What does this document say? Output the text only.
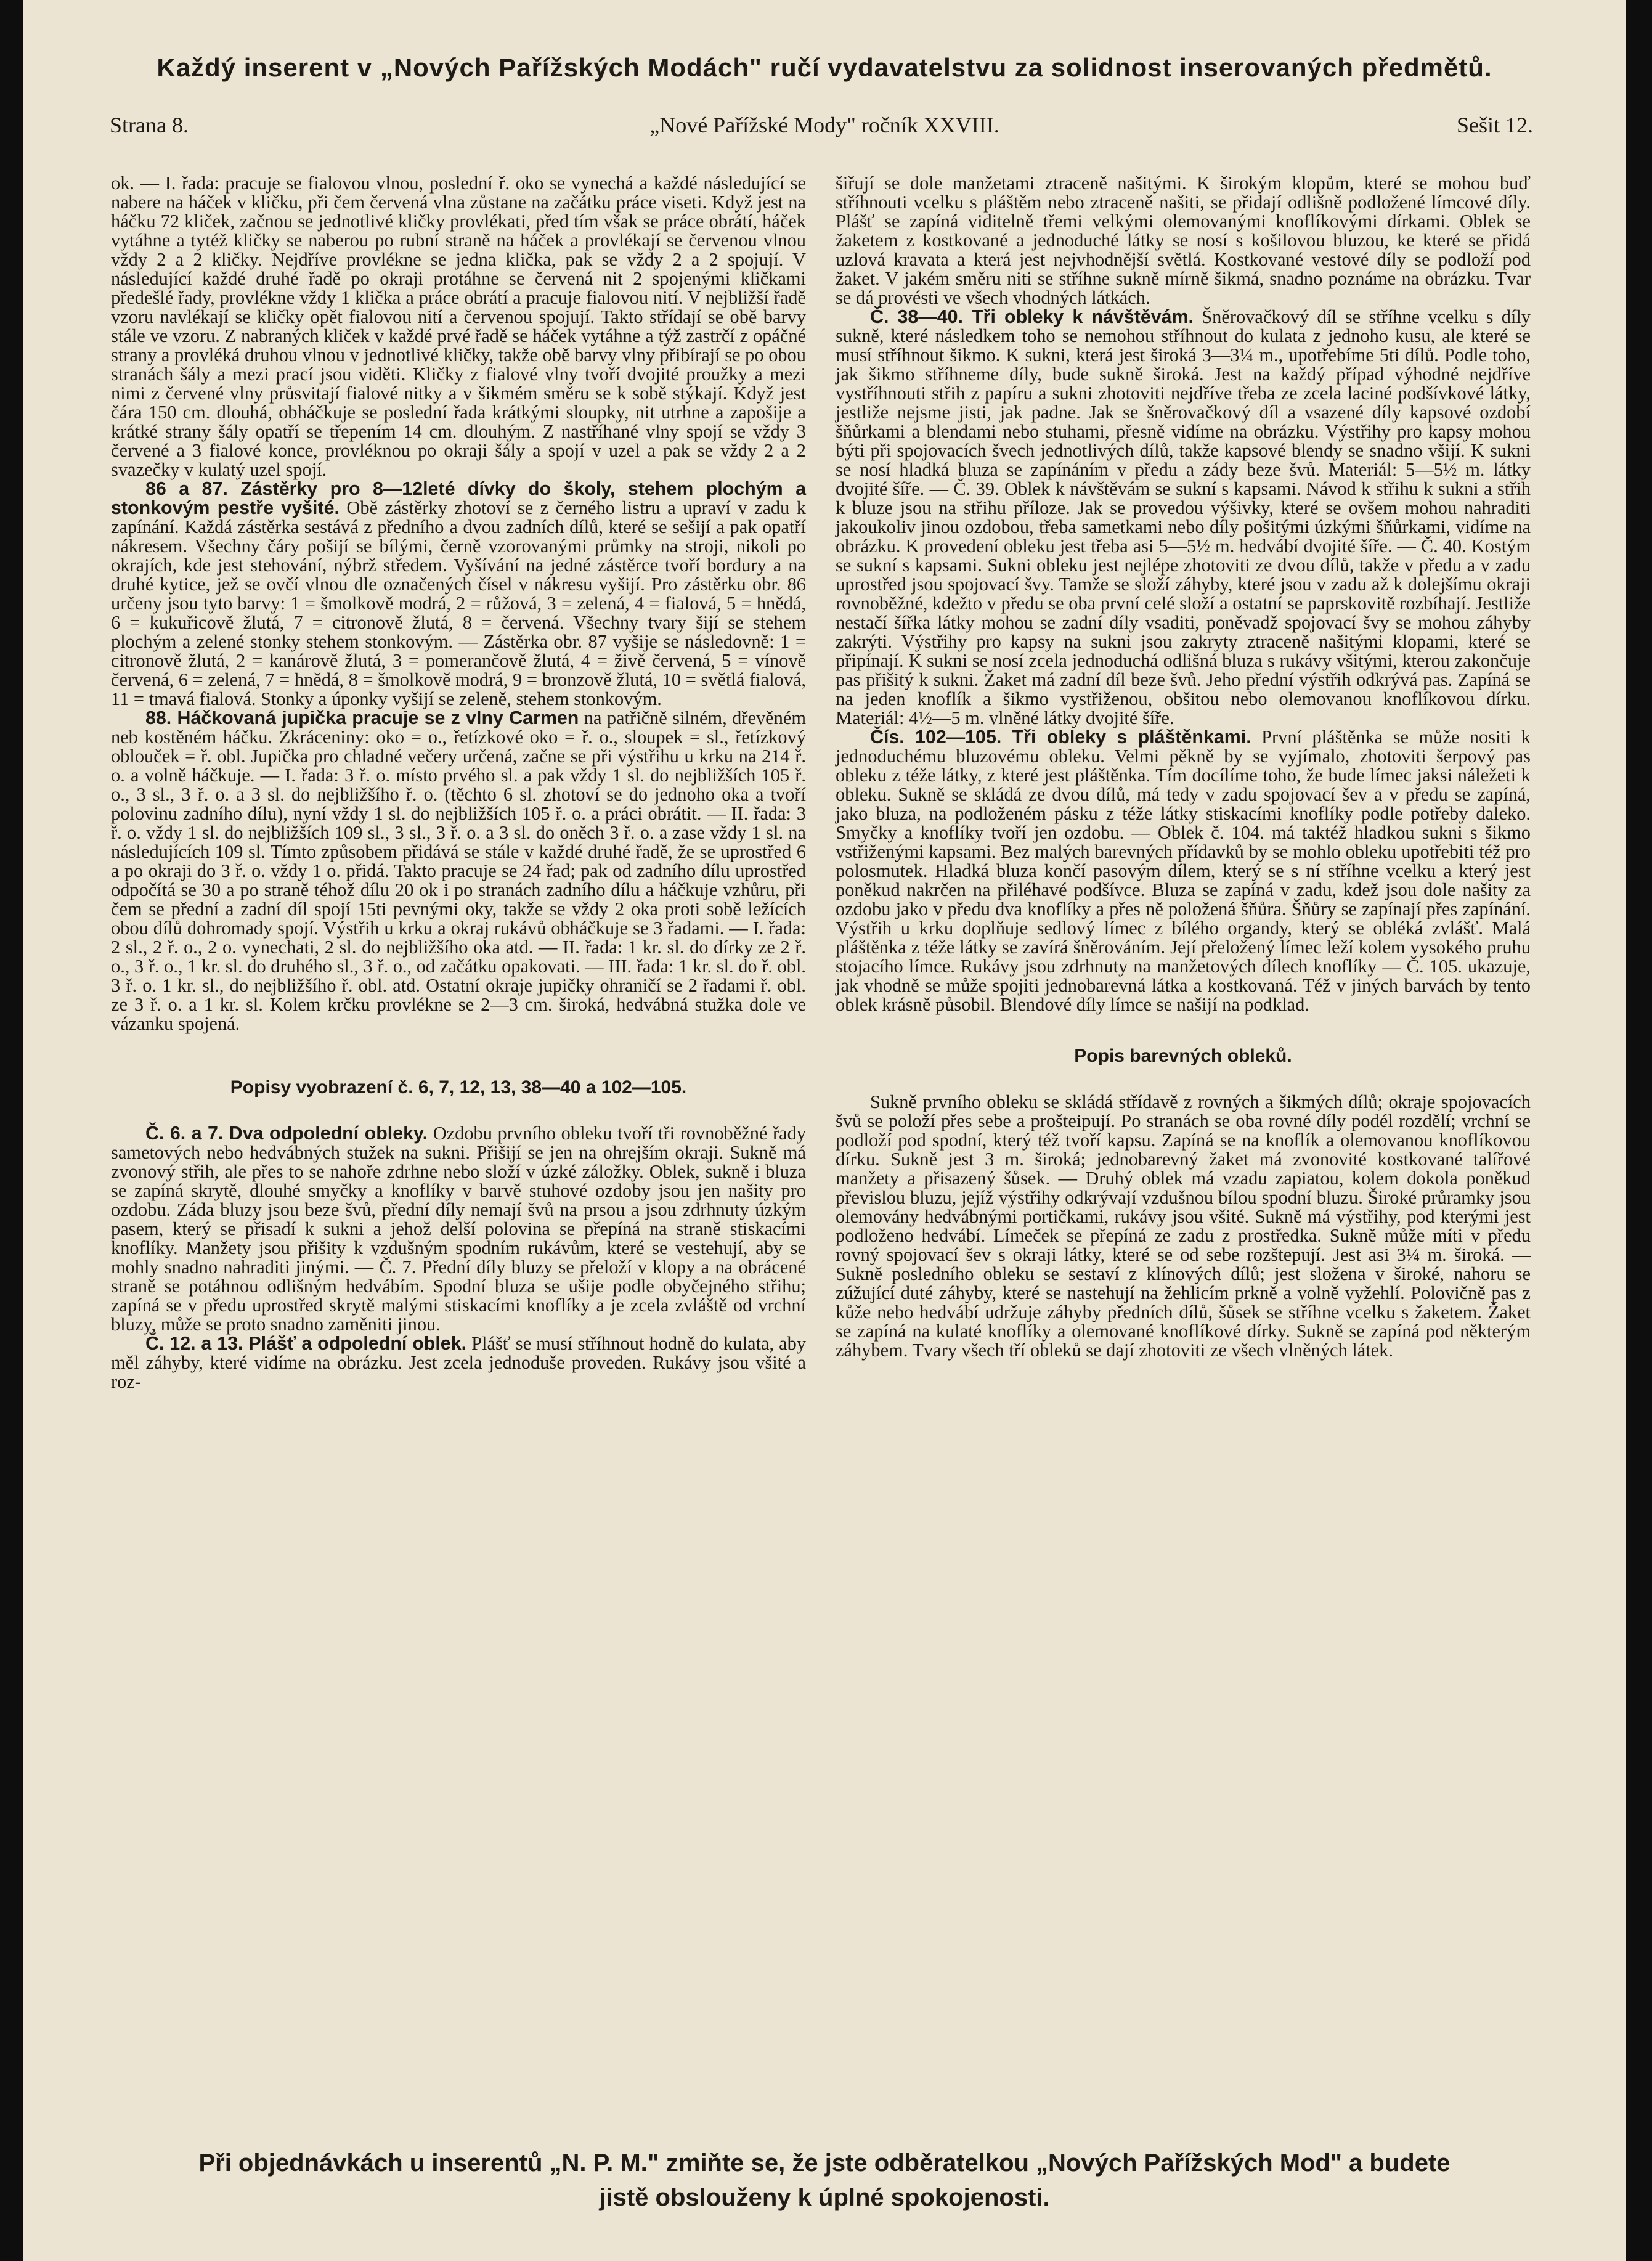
Každý inserent v „Nových Pařížských Modách" ručí vydavatelstvu za solidnost inserovaných předmětů.
Strana 8.	„Nové Pařížské Mody" ročník XXVIII.	Sešit 12.

ok. — I. řada: pracuje se fialovou vlnou, poslední ř. oko se vynechá a každé následující se nabere na háček v kličku, při čem červená vlna zůstane na začátku práce viseti. Když jest na háčku 72 kliček, začnou se jednotlivé kličky provlékati, před tím však se práce obrátí, háček vytáhne a tytéž kličky se naberou po rubní straně na háček a provlékají se červenou vlnou vždy 2 a 2 kličky. Nejdříve provlékne se jedna klička, pak se vždy 2 a 2 spojují. V následující každé druhé řadě po okraji protáhne se červená nit 2 spojenými kličkami předešlé řady, provlékne vždy 1 klička a práce obrátí a pracuje fialovou nití. V nejbližší řadě vzoru navlékají se kličky opět fialovou nití a červenou spojují. Takto střídají se obě barvy stále ve vzoru. Z nabraných kliček v každé prvé řadě se háček vytáhne a týž zastrčí z opáčné strany a provléká druhou vlnou v jednotlivé kličky, takže obě barvy vlny přibírají se po obou stranách šály a mezi prací jsou viděti. Kličky z fialové vlny tvoří dvojité proužky a mezi nimi z červené vlny průsvitají fialové nitky a v šikmém směru se k sobě stýkají. Když jest čára 150 cm. dlouhá, obháčkuje se poslední řada krátkými sloupky, nit utrhne a zapošije a krátké strany šály opatří se třepením 14 cm. dlouhým. Z nastříhané vlny spojí se vždy 3 červené a 3 fialové konce, provléknou po okraji šály a spojí v uzel a pak se vždy 2 a 2 svazečky v kulatý uzel spojí.

86 a 87. Zástěrky pro 8—12leté dívky do školy, stehem plochým a stonkovým pestře vyšité. Obě zástěrky zhotoví se z černého listru a upraví v zadu k zapínání. Každá zástěrka sestává z předního a dvou zadních dílů, které se sešijí a pak opatří nákresem. Všechny čáry pošijí se bílými, černě vzorovanými průmky na stroji, nikoli po okrajích, kde jest stehování, nýbrž středem. Vyšívání na jedné zástěrce tvoří bordury a na druhé kytice, jež se ovčí vlnou dle označených čísel v nákresu vyšijí. Pro zástěrku obr. 86 určeny jsou tyto barvy: 1 = šmolkově modrá, 2 = růžová, 3 = zelená, 4 = fialová, 5 = hnědá, 6 = kukuřicově žlutá, 7 = citronově žlutá, 8 = červená. Všechny tvary šijí se stehem plochým a zelené stonky stehem stonkovým. — Zástěrka obr. 87 vyšije se následovně: 1 = citronově žlutá, 2 = kanárově žlutá, 3 = pomerančově žlutá, 4 = živě červená, 5 = vínově červená, 6 = zelená, 7 = hnědá, 8 = šmolkově modrá, 9 = bronzově žlutá, 10 = světlá fialová, 11 = tmavá fialová. Stonky a úponky vyšijí se zeleně, stehem stonkovým.

88. Háčkovaná jupička pracuje se z vlny Carmen na patřičně silném, dřevěném neb kostěném háčku. Zkráceniny: oko = o., řetízkové oko = ř. o., sloupek = sl., řetízkový oblouček = ř. obl. Jupička pro chladné večery určená, začne se při výstřihu u krku na 214 ř. o. a volně háčkuje. — I. řada: 3 ř. o. místo prvého sl. a pak vždy 1 sl. do nejbližších 105 ř. o., 3 sl., 3 ř. o. a 3 sl. do nejbližšího ř. o. (těchto 6 sl. zhotoví se do jednoho oka a tvoří polovinu zadního dílu), nyní vždy 1 sl. do nejbližších 105 ř. o. a práci obrátit. — II. řada: 3 ř. o. vždy 1 sl. do nejbližších 109 sl., 3 sl., 3 ř. o. a 3 sl. do oněch 3 ř. o. a zase vždy 1 sl. na následujících 109 sl. Tímto způsobem přidává se stále v každé druhé řadě, že se uprostřed 6 a po okraji do 3 ř. o. vždy 1 o. přidá. Takto pracuje se 24 řad; pak od zadního dílu uprostřed odpočítá se 30 a po straně téhož dílu 20 ok i po stranách zadního dílu a háčkuje vzhůru, při čem se přední a zadní díl spojí 15ti pevnými oky, takže se vždy 2 oka proti sobě ležících obou dílů dohromady spojí. Výstřih u krku a okraj rukávů obháčkuje se 3 řadami. — I. řada: 2 sl., 2 ř. o., 2 o. vynechati, 2 sl. do nejbližšího oka atd. — II. řada: 1 kr. sl. do dírky ze 2 ř. o., 3 ř. o., 1 kr. sl. do druhého sl., 3 ř. o., od začátku opakovati. — III. řada: 1 kr. sl. do ř. obl. 3 ř. o. 1 kr. sl., do nejbližšího ř. obl. atd. Ostatní okraje jupičky ohraničí se 2 řadami ř. obl. ze 3 ř. o. a 1 kr. sl. Kolem krčku provlékne se 2—3 cm. široká, hedvábná stužka dole ve vázanku spojená.

Popisy vyobrazení č. 6, 7, 12, 13, 38—40 a 102—105.

Č. 6. a 7. Dva odpolední obleky. Ozdobu prvního obleku tvoří tři rovnoběžné řady sametových nebo hedvábných stužek na sukni. Přišijí se jen na ohrejším okraji. Sukně má zvonový střih, ale přes to se nahoře zdrhne nebo složí v úzké záložky. Oblek, sukně i bluza se zapíná skrytě, dlouhé smyčky a knoflíky v barvě stuhové ozdoby jsou jen našity pro ozdobu. Záda bluzy jsou beze švů, přední díly nemají švů na prsou a jsou zdrhnuty úzkým pasem, který se přisadí k sukni a jehož delší polovina se přepíná na straně stiskacími knoflíky. Manžety jsou přišity k vzdušným spodním rukávům, které se vestehují, aby se mohly snadno nahraditi jinými. — Č. 7. Přední díly bluzy se přeloží v klopy a na obrácené straně se potáhnou odlišným hedvábím. Spodní bluza se ušije podle obyčejného střihu; zapíná se v předu uprostřed skrytě malými stiskacími knoflíky a je zcela zvláště od vrchní bluzy, může se proto snadno zaměniti jinou.

Č. 12. a 13. Plášť a odpolední oblek. Plášť se musí stříhnout hodně do kulata, aby měl záhyby, které vidíme na obrázku. Jest zcela jednoduše proveden. Rukávy jsou všité a roz-

šiřují se dole manžetami ztraceně našitými. K širokým klopům, které se mohou buď stříhnouti vcelku s pláštěm nebo ztraceně našiti, se přidají odlišně podložené límcové díly. Plášť se zapíná viditelně třemi velkými olemovanými knoflíkovými dírkami. Oblek se žaketem z kostkované a jednoduché látky se nosí s košilovou bluzou, ke které se přidá uzlová kravata a která jest nejvhodnější světlá. Kostkované vestové díly se podloží pod žaket. V jakém směru niti se stříhne sukně mírně šikmá, snadno poznáme na obrázku. Tvar se dá provésti ve všech vhodných látkách.

Č. 38—40. Tři obleky k návštěvám. Šněrovačkový díl se stříhne vcelku s díly sukně, které následkem toho se nemohou stříhnout do kulata z jednoho kusu, ale které se musí stříhnout šikmo. K sukni, která jest široká 3—3¼ m., upotřebíme 5ti dílů. Podle toho, jak šikmo stříhneme díly, bude sukně široká. Jest na každý případ výhodné nejdříve vystříhnouti střih z papíru a sukni zhotoviti nejdříve třeba ze zcela laciné podšívkové látky, jestliže nejsme jisti, jak padne. Jak se šněrovačkový díl a vsazené díly kapsové ozdobí šňůrkami a blendami nebo stuhami, přesně vidíme na obrázku. Výstřihy pro kapsy mohou býti při spojovacích švech jednotlivých dílů, takže kapsové blendy se snadno všijí. K sukni se nosí hladká bluza se zapínáním v předu a zády beze švů. Materiál: 5—5½ m. látky dvojité šíře. — Č. 39. Oblek k návštěvám se sukní s kapsami. Návod k střihu k sukni a střih k bluze jsou na střihu příloze. Jak se provedou výšivky, které se ovšem mohou nahraditi jakoukoliv jinou ozdobou, třeba sametkami nebo díly pošitými úzkými šňůrkami, vidíme na obrázku. K provedení obleku jest třeba asi 5—5½ m. hedvábí dvojité šíře. — Č. 40. Kostým se sukní s kapsami. Sukni obleku jest nejlépe zhotoviti ze dvou dílů, takže v předu a v zadu uprostřed jsou spojovací švy. Tamže se složí záhyby, které jsou v zadu až k dolejšímu okraji rovnoběžné, kdežto v předu se oba první celé složí a ostatní se paprskovitě rozbíhají. Jestliže nestačí šířka látky mohou se zadní díly vsaditi, poněvadž spojovací švy se mohou záhyby zakrýti. Výstřihy pro kapsy na sukni jsou zakryty ztraceně našitými klopami, které se připínají. K sukni se nosí zcela jednoduchá odlišná bluza s rukávy všitými, kterou zakončuje pas přišitý k sukni. Žaket má zadní díl beze švů. Jeho přední výstřih odkrývá pas. Zapíná se na jeden knoflík a šikmo vystřiženou, obšitou nebo olemovanou knoflíkovou dírku. Materiál: 4½—5 m. vlněné látky dvojité šíře.

Čís. 102—105. Tři obleky s pláštěnkami. První pláštěnka se může nositi k jednoduchému bluzovému obleku. Velmi pěkně by se vyjímalo, zhotoviti šerpový pas obleku z téže látky, z které jest pláštěnka. Tím docílíme toho, že bude límec jaksi náležeti k obleku. Sukně se skládá ze dvou dílů, má tedy v zadu spojovací šev a v předu se zapíná, jako bluza, na podloženém pásku z téže látky stiskacími knoflíky podle potřeby daleko. Smyčky a knoflíky tvoří jen ozdobu. — Oblek č. 104. má taktéž hladkou sukni s šikmo vstřiženými kapsami. Bez malých barevných přídavků by se mohlo obleku upotřebiti též pro polosmutek. Hladká bluza končí pasovým dílem, který se s ní stříhne vcelku a který jest poněkud nakrčen na přiléhavé podšívce. Bluza se zapíná v zadu, kdež jsou dole našity za ozdobu jako v předu dva knoflíky a přes ně položená šňůra. Šňůry se zapínají přes zapínání. Výstřih u krku doplňuje sedlový límec z bílého organdy, který se obléká zvlášť. Malá pláštěnka z téže látky se zavírá šněrováním. Její přeložený límec leží kolem vysokého pruhu stojacího límce. Rukávy jsou zdrhnuty na manžetových dílech knoflíky — Č. 105. ukazuje, jak vhodně se může spojiti jednobarevná látka a kostkovaná. Též v jiných barvách by tento oblek krásně působil. Blendové díly límce se našijí na podklad.

Popis barevných obleků.

Sukně prvního obleku se skládá střídavě z rovných a šikmých dílů; okraje spojovacích švů se položí přes sebe a prošteipují. Po stranách se oba rovné díly podél rozdělí; vrchní se podloží pod spodní, který též tvoří kapsu. Zapíná se na knoflík a olemovanou knoflíkovou dírku. Sukně jest 3 m. široká; jednobarevný žaket má zvonovité kostkované talířové manžety a přisazený šůsek. — Druhý oblek má vzadu zapiatou, kolem dokola poněkud převislou bluzu, jejíž výstřihy odkrývají vzdušnou bílou spodní bluzu. Široké průramky jsou olemovány hedvábnými portičkami, rukávy jsou všité. Sukně má výstřihy, pod kterými jest podloženo hedvábí. Límeček se přepíná ze zadu z prostředka. Sukně může míti v předu rovný spojovací šev s okraji látky, které se od sebe rozštepují. Jest asi 3¼ m. široká. — Sukně posledního obleku se sestaví z klínových dílů; jest složena v široké, nahoru se zúžující duté záhyby, které se nastehují na žehlicím prkně a volně vyžehlí. Polovičně pas z kůže nebo hedvábí udržuje záhyby předních dílů, šůsek se stříhne vcelku s žaketem. Žaket se zapíná na kulaté knoflíky a olemované knoflíkové dírky. Sukně se zapíná pod některým záhybem. Tvary všech tří obleků se dají zhotoviti ze všech vlněných látek.

Při objednávkách u inserentů „N. P. M." zmiňte se, že jste odběratelkou „Nových Pařížských Mod" a budete
jistě obslouženy k úplné spokojenosti.
